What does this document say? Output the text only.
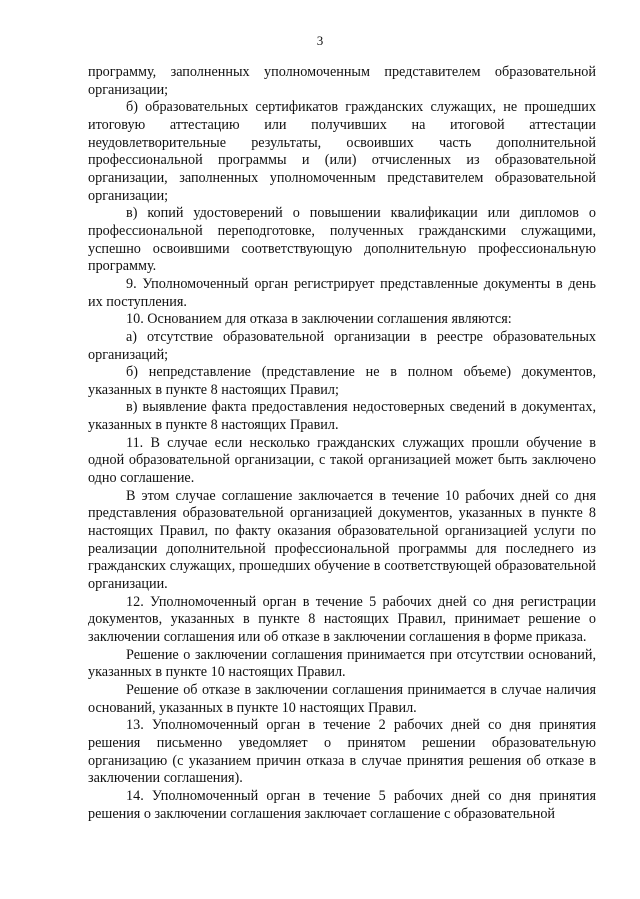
3

программу, заполненных уполномоченным представителем образовательной организации;

б) образовательных сертификатов гражданских служащих, не прошедших итоговую аттестацию или получивших на итоговой аттестации неудовлетворительные результаты, освоивших часть дополнительной профессиональной программы и (или) отчисленных из образовательной организации, заполненных уполномоченным представителем образовательной организации;

в) копий удостоверений о повышении квалификации или дипломов о профессиональной переподготовке, полученных гражданскими служащими, успешно освоившими соответствующую дополнительную профессиональную программу.

9. Уполномоченный орган регистрирует представленные документы в день их поступления.

10. Основанием для отказа в заключении соглашения являются:

а) отсутствие образовательной организации в реестре образовательных организаций;

б) непредставление (представление не в полном объеме) документов, указанных в пункте 8 настоящих Правил;

в) выявление факта предоставления недостоверных сведений в документах, указанных в пункте 8 настоящих Правил.

11. В случае если несколько гражданских служащих прошли обучение в одной образовательной организации, с такой организацией может быть заключено одно соглашение.

В этом случае соглашение заключается в течение 10 рабочих дней со дня представления образовательной организацией документов, указанных в пункте 8 настоящих Правил, по факту оказания образовательной организацией услуги по реализации дополнительной профессиональной программы для последнего из гражданских служащих, прошедших обучение в соответствующей образовательной организации.

12. Уполномоченный орган в течение 5 рабочих дней со дня регистрации документов, указанных в пункте 8 настоящих Правил, принимает решение о заключении соглашения или об отказе в заключении соглашения в форме приказа.

Решение о заключении соглашения принимается при отсутствии оснований, указанных в пункте 10 настоящих Правил.

Решение об отказе в заключении соглашения принимается в случае наличия оснований, указанных в пункте 10 настоящих Правил.

13. Уполномоченный орган в течение 2 рабочих дней со дня принятия решения письменно уведомляет о принятом решении образовательную организацию (с указанием причин отказа в случае принятия решения об отказе в заключении соглашения).

14. Уполномоченный орган в течение 5 рабочих дней со дня принятия решения о заключении соглашения заключает соглашение с образовательной
